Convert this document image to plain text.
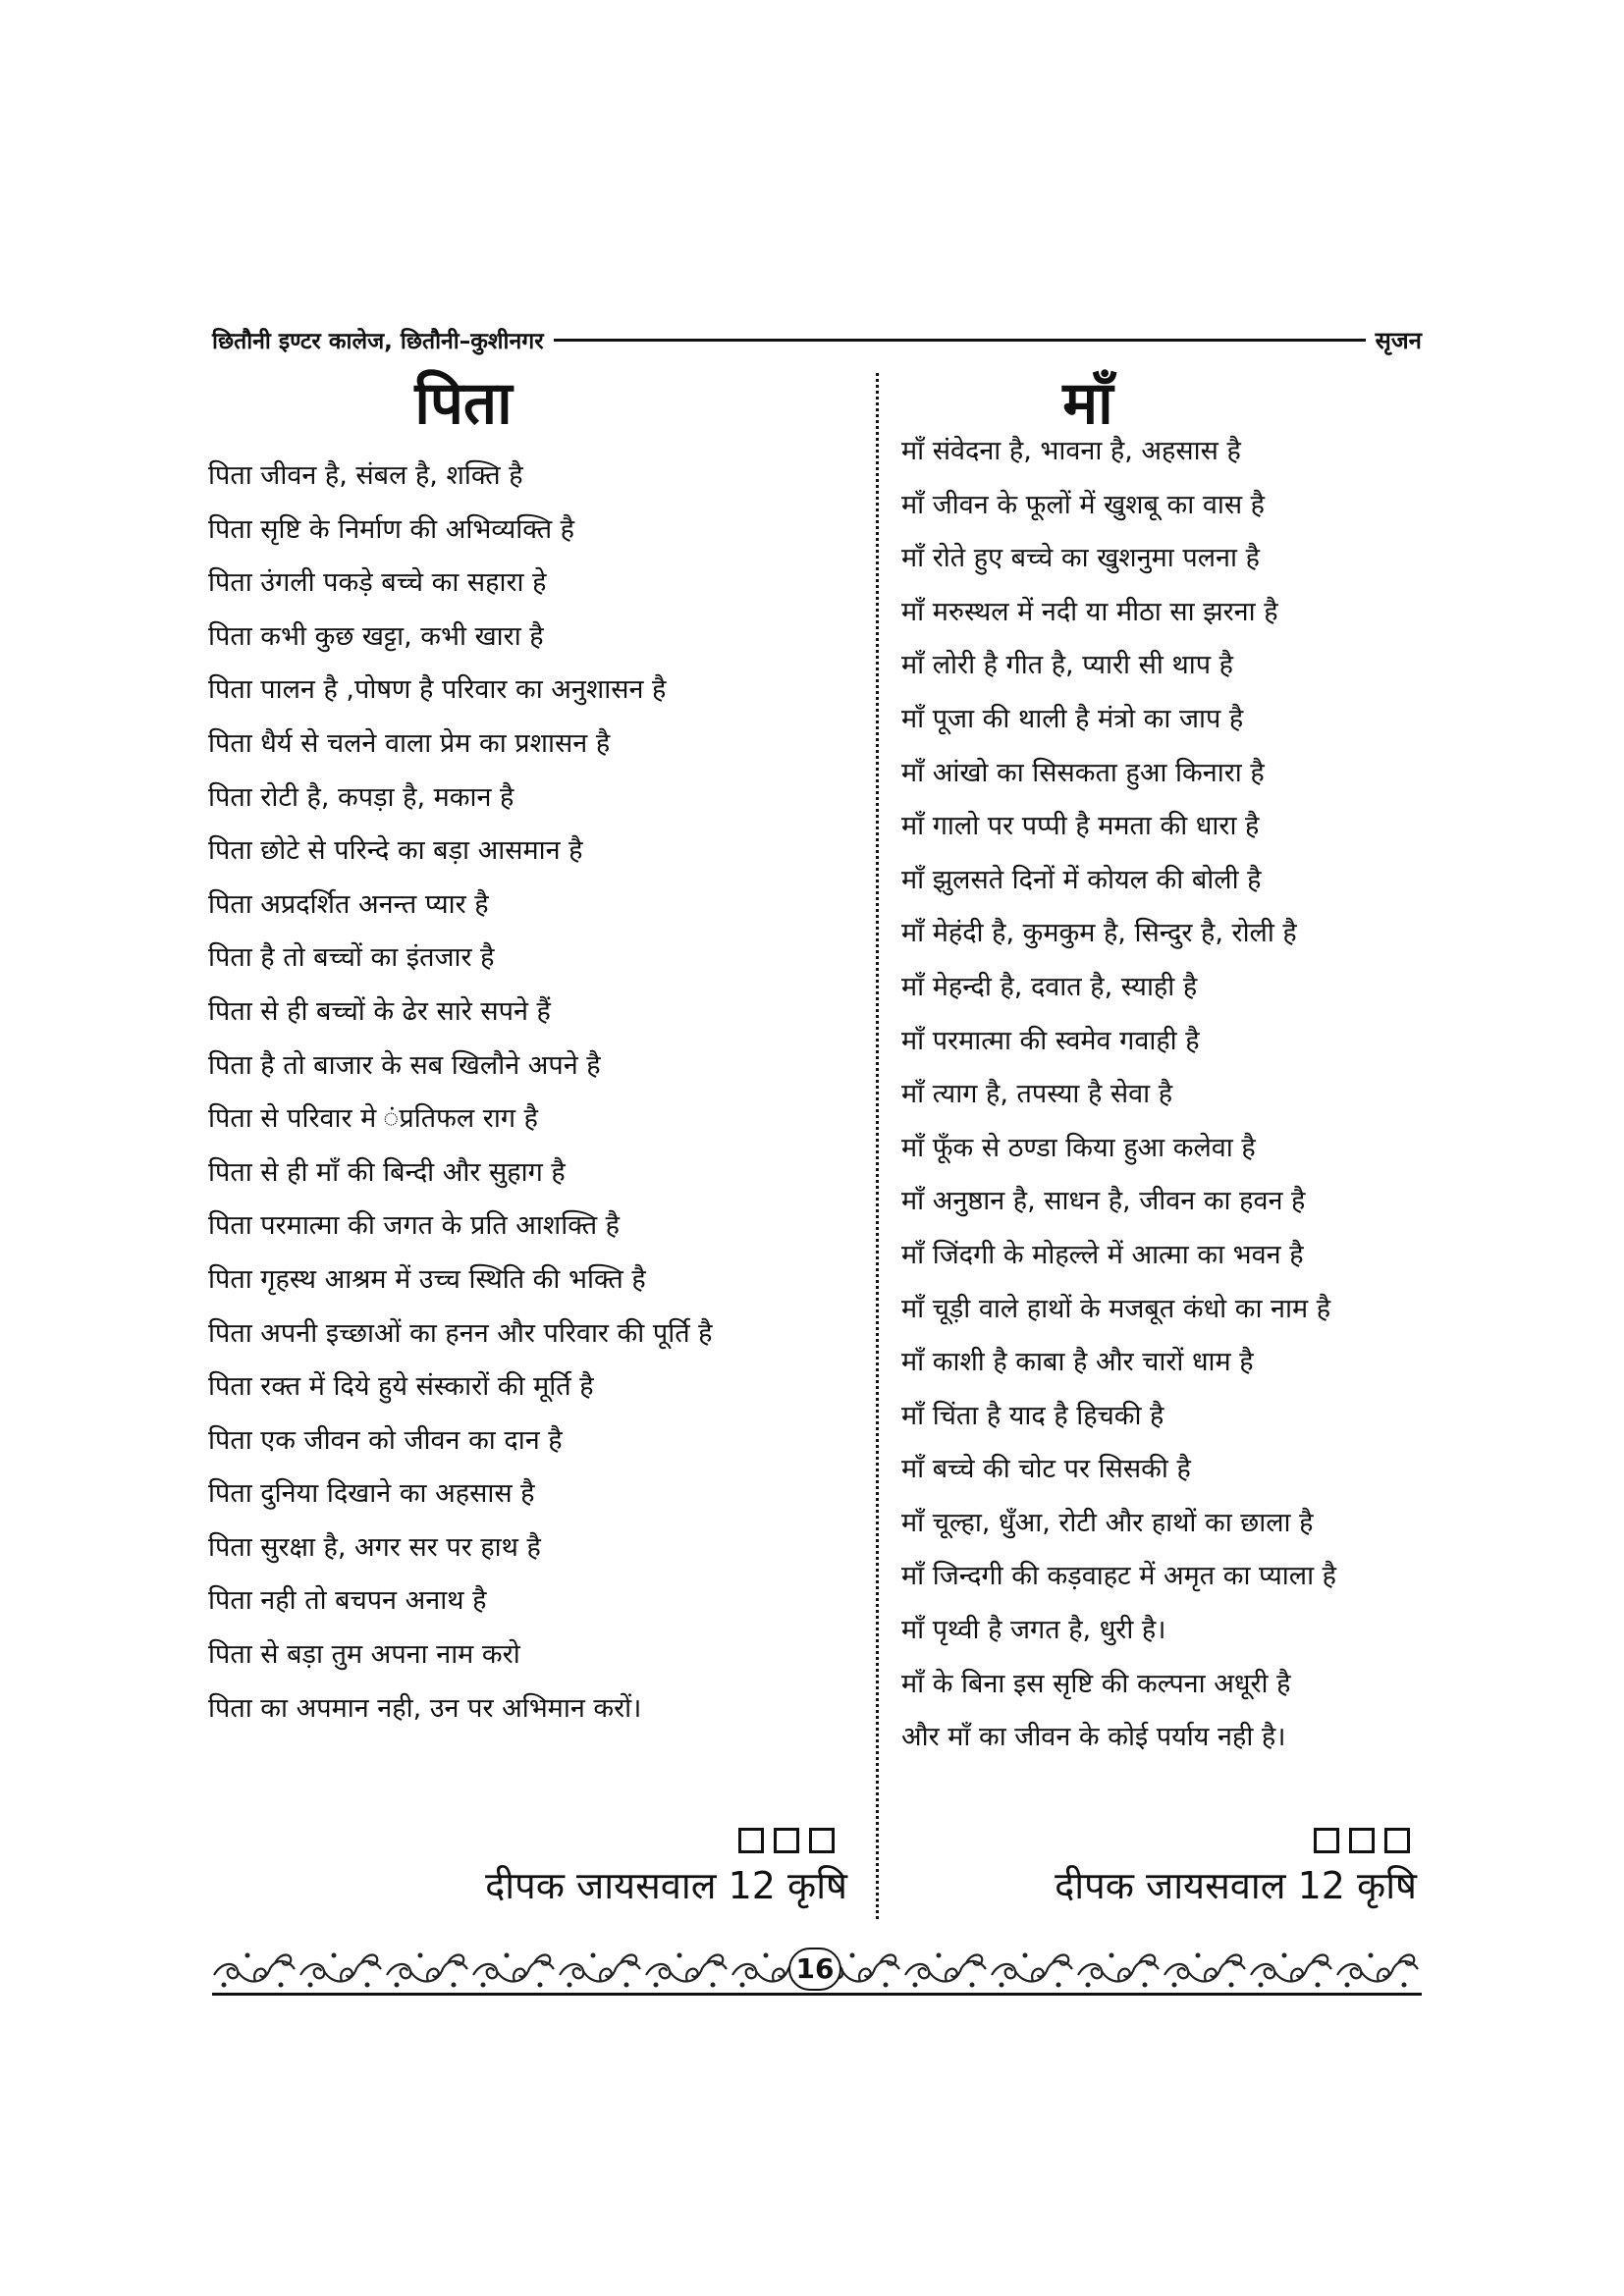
छितौनी इण्टर कालेज, छितौनी–कुशीनगर	सृजन
पिता
पिता जीवन है, संबल है, शक्ति है
पिता सृष्टि के निर्माण की अभिव्यक्ति है
पिता उंगली पकड़े बच्चे का सहारा हे
पिता कभी कुछ खट्टा, कभी खारा है
पिता पालन है ,पोषण है परिवार का अनुशासन है
पिता धैर्य से चलने वाला प्रेम का प्रशासन है
पिता रोटी है, कपड़ा है, मकान है
पिता छोटे से परिन्दे का बड़ा आसमान है
पिता अप्रदर्शित अनन्त प्यार है
पिता है तो बच्चों का इंतजार है
पिता से ही बच्चों के ढेर सारे सपने हैं
पिता है तो बाजार के सब खिलौने अपने है
पिता से परिवार मे ंप्रतिफल राग है
पिता से ही माँ की बिन्दी और सुहाग है
पिता परमात्मा की जगत के प्रति आशक्ति है
पिता गृहस्थ आश्रम में उच्च स्थिति की भक्ति है
पिता अपनी इच्छाओं का हनन और परिवार की पूर्ति है
पिता रक्त में दिये हुये संस्कारों की मूर्ति है
पिता एक जीवन को जीवन का दान है
पिता दुनिया दिखाने का अहसास है
पिता सुरक्षा है, अगर सर पर हाथ है
पिता नही तो बचपन अनाथ है
पिता से बड़ा तुम अपना नाम करो
पिता का अपमान नही, उन पर अभिमान करों।
माँ
माँ संवेदना है, भावना है, अहसास है
माँ जीवन के फूलों में खुशबू का वास है
माँ रोते हुए बच्चे का खुशनुमा पलना है
माँ मरुस्थल में नदी या मीठा सा झरना है
माँ लोरी है गीत है, प्यारी सी थाप है
माँ पूजा की थाली है मंत्रो का जाप है
माँ आंखो का सिसकता हुआ किनारा है
माँ गालो पर पप्पी है ममता की धारा है
माँ झुलसते दिनों में कोयल की बोली है
माँ मेहंदी है, कुमकुम है, सिन्दुर है, रोली है
माँ मेहन्दी है, दवात है, स्याही है
माँ परमात्मा की स्वमेव गवाही है
माँ त्याग है, तपस्या है सेवा है
माँ फूँक से ठण्डा किया हुआ कलेवा है
माँ अनुष्ठान है, साधन है, जीवन का हवन है
माँ जिंदगी के मोहल्ले में आत्मा का भवन है
माँ चूड़ी वाले हाथों के मजबूत कंधो का नाम है
माँ काशी है काबा है और चारों धाम है
माँ चिंता है याद है हिचकी है
माँ बच्चे की चोट पर सिसकी है
माँ चूल्हा, धुँआ, रोटी और हाथों का छाला है
माँ जिन्दगी की कड़वाहट में अमृत का प्याला है
माँ पृथ्वी है जगत है, धुरी है।
माँ के बिना इस सृष्टि की कल्पना अधूरी है
और माँ का जीवन के कोई पर्याय नही है।
दीपक जायसवाल 12 कृषि	दीपक जायसवाल 12 कृषि
16
